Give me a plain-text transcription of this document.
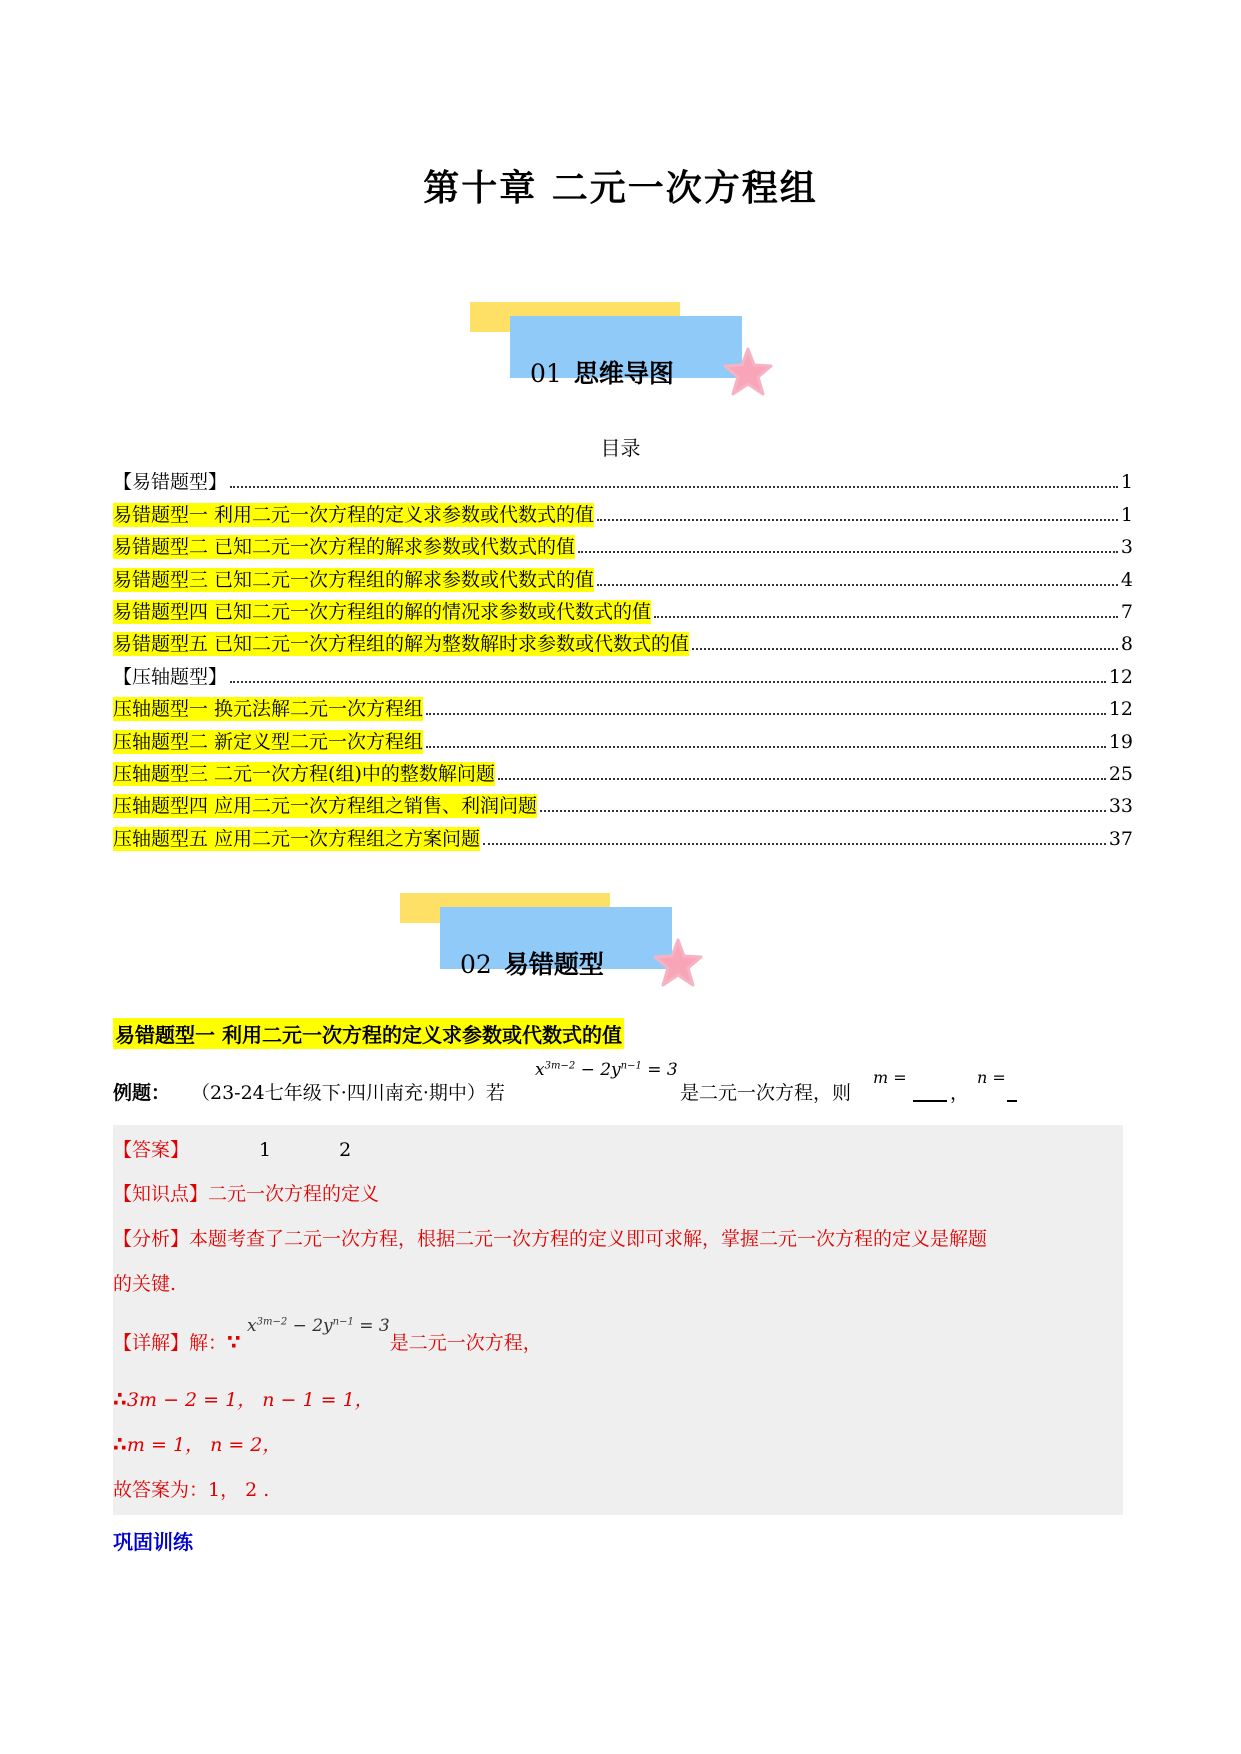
第十章 二元一次方程组
01 思维导图
目录
【易错题型】	1
易错题型一 利用二元一次方程的定义求参数或代数式的值	1
易错题型二 已知二元一次方程的解求参数或代数式的值	3
易错题型三 已知二元一次方程组的解求参数或代数式的值	4
易错题型四 已知二元一次方程组的解的情况求参数或代数式的值	7
易错题型五 已知二元一次方程组的解为整数解时求参数或代数式的值	8
【压轴题型】	12
压轴题型一 换元法解二元一次方程组	12
压轴题型二 新定义型二元一次方程组	19
压轴题型三 二元一次方程(组)中的整数解问题	25
压轴题型四 应用二元一次方程组之销售、利润问题	33
压轴题型五 应用二元一次方程组之方案问题	37
02 易错题型
易错题型一 利用二元一次方程的定义求参数或代数式的值
例题： （23-24七年级下·四川南充·期中）若
$x^{3m-2} - 2y^{n-1} = 3$
是二元一次方程，则
m =
，
n =
【答案】	1	2
【知识点】二元一次方程的定义
【分析】本题考查了二元一次方程，根据二元一次方程的定义即可求解，掌握二元一次方程的定义是解题
的关键.
【详解】解：∵ $x^{3m-2} - 2y^{n-1} = 3$是二元一次方程，
∴3m − 2 = 1， n − 1 = 1，
∴m = 1， n = 2，
故答案为：1， 2 .
巩固训练
